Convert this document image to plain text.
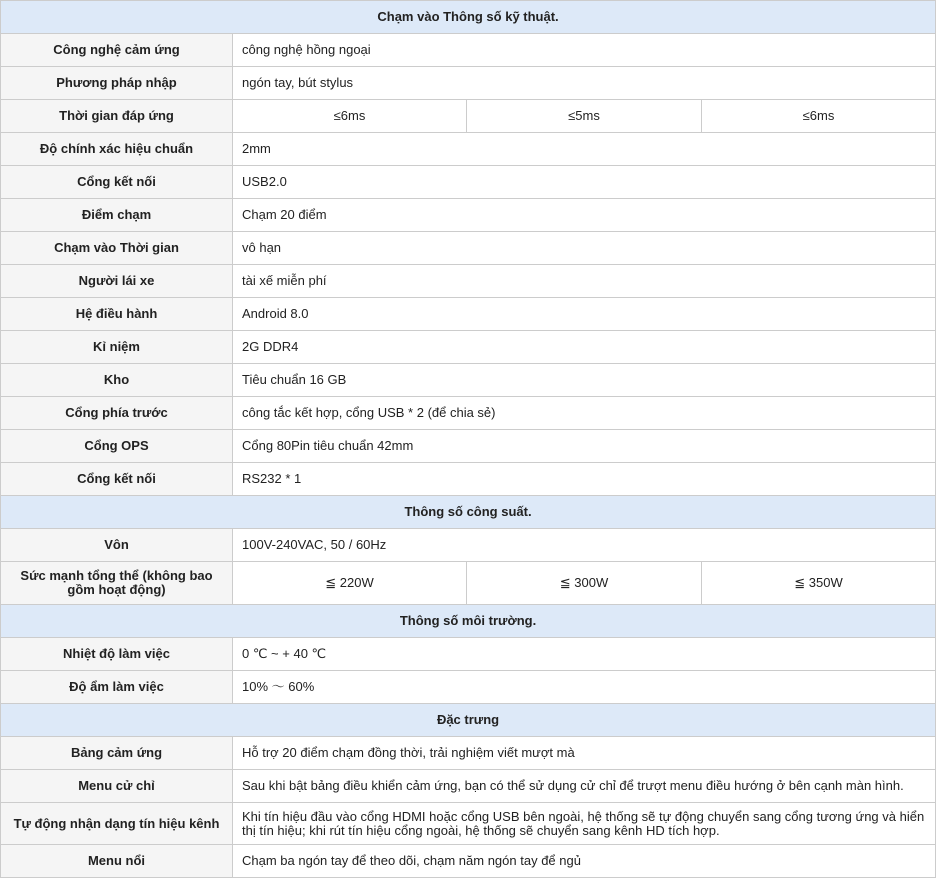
Chạm vào Thông số kỹ thuật.			
Công nghệ cảm ứng	công nghệ hồng ngoại		
Phương pháp nhập	ngón tay, bút stylus		
Thời gian đáp ứng	≤6ms	≤5ms	≤6ms
Độ chính xác hiệu chuẩn	2mm		
Cổng kết nối	USB2.0		
Điểm chạm	Chạm 20 điểm		
Chạm vào Thời gian	vô hạn		
Người lái xe	tài xế miễn phí		
Hệ điều hành	Android 8.0		
Kỉ niệm	2G DDR4		
Kho	Tiêu chuẩn 16 GB		
Cổng phía trước	công tắc kết hợp, cổng USB * 2 (để chia sẻ)		
Cổng OPS	Cổng 80Pin tiêu chuẩn 42mm		
Cổng kết nối	RS232 * 1		
Thông số công suất.			
Vôn	100V-240VAC, 50 / 60Hz		
Sức mạnh tổng thể (không bao gồm hoạt động)	≦ 220W	≦ 300W	≦ 350W
Thông số môi trường.			
Nhiệt độ làm việc	0 ℃ ~ + 40 ℃		
Độ ẩm làm việc	10% ～ 60%		
Đặc trưng			
Bảng cảm ứng	Hỗ trợ 20 điểm chạm đồng thời, trải nghiệm viết mượt mà		
Menu cử chỉ	Sau khi bật bảng điều khiển cảm ứng, bạn có thể sử dụng cử chỉ để trượt menu điều hướng ở bên cạnh màn hình.		
Tự động nhận dạng tín hiệu kênh	Khi tín hiệu đầu vào cổng HDMI hoặc cổng USB bên ngoài, hệ thống sẽ tự động chuyển sang cổng tương ứng và hiển thị tín hiệu; khi rút tín hiệu cổng ngoài, hệ thống sẽ chuyển sang kênh HD tích hợp.		
Menu nổi	Chạm ba ngón tay để theo dõi, chạm năm ngón tay để ngủ		
